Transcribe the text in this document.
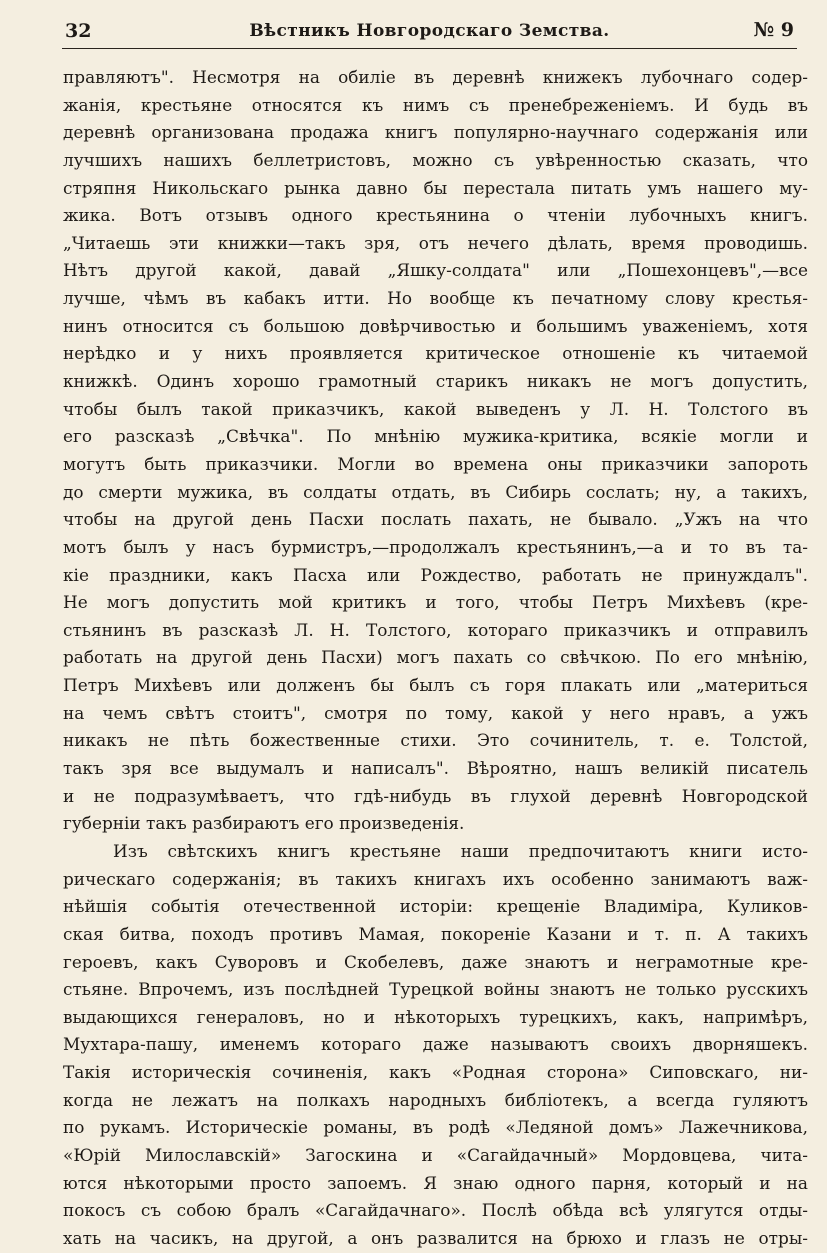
32	Вѣстникъ Новгородскаго Земства.	№ 9
правляютъ". Несмотря на обиліе въ деревнѣ книжекъ лубочнаго содер-
жанія, крестьяне относятся къ нимъ съ пренебреженіемъ. И будь въ
деревнѣ организована продажа книгъ популярно-научнаго содержанія или
лучшихъ нашихъ беллетристовъ, можно съ увѣренностью сказать, что
стряпня Никольскаго рынка давно бы перестала питать умъ нашего му-
жика. Вотъ отзывъ одного крестьянина о чтеніи лубочныхъ книгъ.
„Читаешь эти книжки—такъ зря, отъ нечего дѣлать, время проводишь.
Нѣтъ другой какой, давай „Яшку-солдата" или „Пошехонцевъ",—все
лучше, чѣмъ въ кабакъ итти. Но вообще къ печатному слову крестья-
нинъ относится съ большою довѣрчивостью и большимъ уваженіемъ, хотя
нерѣдко и у нихъ проявляется критическое отношеніе къ читаемой
книжкѣ. Одинъ хорошо грамотный старикъ никакъ не могъ допустить,
чтобы былъ такой приказчикъ, какой выведенъ у Л. Н. Толстого въ
его разсказѣ „Свѣчка". По мнѣнію мужика-критика, всякіе могли и
могутъ быть приказчики. Могли во времена оны приказчики запороть
до смерти мужика, въ солдаты отдать, въ Сибирь сослать; ну, а такихъ,
чтобы на другой день Пасхи послать пахать, не бывало. „Ужъ на что
мотъ былъ у насъ бурмистръ,—продолжалъ крестьянинъ,—а и то въ та-
кіе праздники, какъ Пасха или Рождество, работать не принуждалъ".
Не могъ допустить мой критикъ и того, чтобы Петръ Михѣевъ (кре-
стьянинъ въ разсказѣ Л. Н. Толстого, котораго приказчикъ и отправилъ
работать на другой день Пасхи) могъ пахать со свѣчкою. По его мнѣнію,
Петръ Михѣевъ или долженъ бы былъ съ горя плакать или „материться
на чемъ свѣтъ стоитъ", смотря по тому, какой у него нравъ, а ужъ
никакъ не пѣть божественные стихи. Это сочинитель, т. е. Толстой,
такъ зря все выдумалъ и написалъ". Вѣроятно, нашъ великій писатель
и не подразумѣваетъ, что гдѣ-нибудь въ глухой деревнѣ Новгородской
губерніи такъ разбираютъ его произведенія.
Изъ свѣтскихъ книгъ крестьяне наши предпочитаютъ книги исто-
рическаго содержанія; въ такихъ книгахъ ихъ особенно занимаютъ важ-
нѣйшія событія отечественной исторіи: крещеніе Владиміра, Куликов-
ская битва, походъ противъ Мамая, покореніе Казани и т. п. А такихъ
героевъ, какъ Суворовъ и Скобелевъ, даже знаютъ и неграмотные кре-
стьяне. Впрочемъ, изъ послѣдней Турецкой войны знаютъ не только русскихъ
выдающихся генераловъ, но и нѣкоторыхъ турецкихъ, какъ, напримѣръ,
Мухтара-пашу, именемъ котораго даже называютъ своихъ дворняшекъ.
Такія историческія сочиненія, какъ «Родная сторона» Сиповскаго, ни-
когда не лежатъ на полкахъ народныхъ библіотекъ, а всегда гуляютъ
по рукамъ. Историческіе романы, въ родѣ «Ледяной домъ» Лажечникова,
«Юрій Милославскій» Загоскина и «Сагайдачный» Мордовцева, чита-
ются нѣкоторыми просто запоемъ. Я знаю одного парня, который и на
покосъ съ собою бралъ «Сагайдачнаго». Послѣ обѣда всѣ улягутся отды-
хать на часикъ, на другой, а онъ развалится на брюхо и глазъ не отры-
